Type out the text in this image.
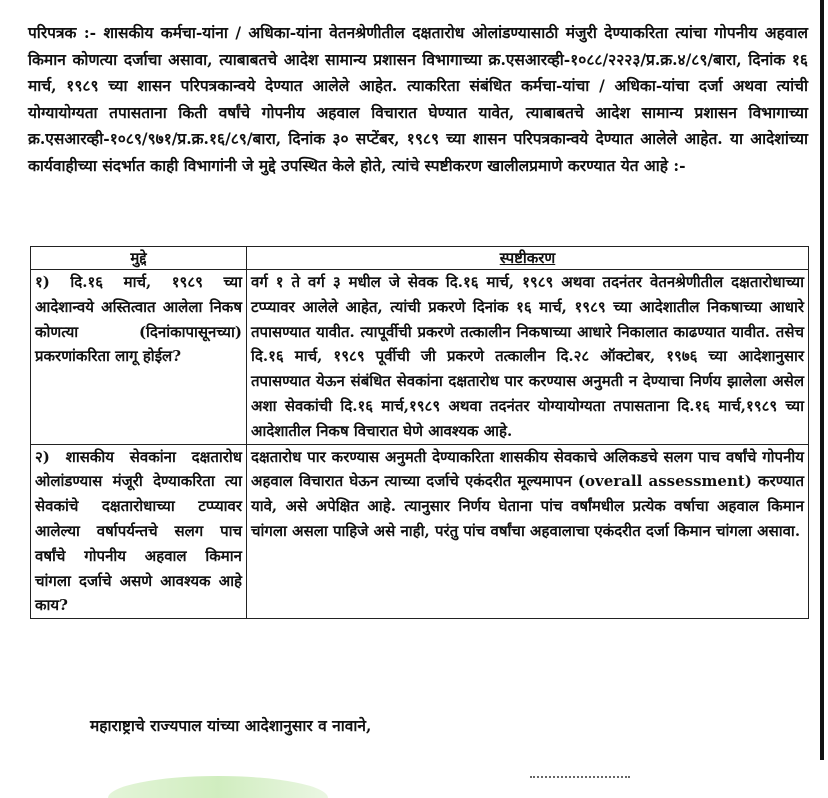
परिपत्रक :- शासकीय कर्मचा-यांना / अधिका-यांना वेतनश्रेणीतील दक्षतारोध ओलांडण्यासाठी मंजुरी देण्याकरिता त्यांचा गोपनीय अहवाल किमान कोणत्या दर्जाचा असावा, त्याबाबतचे आदेश सामान्य प्रशासन विभागाच्या क्र.एसआरव्ही-१०८८/२२२३/प्र.क्र.४/८९/बारा, दिनांक १६ मार्च, १९८९ च्या शासन परिपत्रकान्वये देण्यात आलेले आहेत. त्याकरिता संबंधित कर्मचा-यांचा / अधिका-यांचा दर्जा अथवा त्यांची योग्यायोग्यता तपासताना किती वर्षांचे गोपनीय अहवाल विचारात घेण्यात यावेत, त्याबाबतचे आदेश सामान्य प्रशासन विभागाच्या क्र.एसआरव्ही-१०८९/९७१/प्र.क्र.१६/८९/बारा, दिनांक ३० सप्टेंबर, १९८९ च्या शासन परिपत्रकान्वये देण्यात आलेले आहेत. या आदेशांच्या कार्यवाहीच्या संदर्भात काही विभागांनी जे मुद्दे उपस्थित केले होते, त्यांचे स्पष्टीकरण खालीलप्रमाणे करण्यात येत आहे :-
मुद्दे	स्पष्टीकरण
१) दि.१६ मार्च, १९८९ च्या आदेशान्वये अस्तित्वात आलेला निकष कोणत्या (दिनांकापासूनच्या) प्रकरणांकरिता लागू होईल?	वर्ग १ ते वर्ग ३ मधील जे सेवक दि.१६ मार्च, १९८९ अथवा तदनंतर वेतनश्रेणीतील दक्षतारोधाच्या टप्प्यावर आलेले आहेत, त्यांची प्रकरणे दिनांक १६ मार्च, १९८९ च्या आदेशातील निकषाच्या आधारे तपासण्यात यावीत. त्यापूर्वीची प्रकरणे तत्कालीन निकषाच्या आधारे निकालात काढण्यात यावीत. तसेच दि.१६ मार्च, १९८९ पूर्वीची जी प्रकरणे तत्कालीन दि.२८ ऑक्टोबर, १९७६ च्या आदेशानुसार तपासण्यात येऊन संबंधित सेवकांना दक्षतारोध पार करण्यास अनुमती न देण्याचा निर्णय झालेला असेल अशा सेवकांची दि.१६ मार्च,१९८९ अथवा तदनंतर योग्यायोग्यता तपासताना दि.१६ मार्च,१९८९ च्या आदेशातील निकष विचारात घेणे आवश्यक आहे.
२) शासकीय सेवकांना दक्षतारोध ओलांडण्यास मंजूरी देण्याकरिता त्या सेवकांचे दक्षतारोधाच्या टप्प्यावर आलेल्या वर्षापर्यन्तचे सलग पाच वर्षांचे गोपनीय अहवाल किमान चांगला दर्जाचे असणे आवश्यक आहे काय?	दक्षतारोध पार करण्यास अनुमती देण्याकरिता शासकीय सेवकाचे अलिकडचे सलग पाच वर्षांचे गोपनीय अहवाल विचारात घेऊन त्याच्या दर्जाचे एकंदरीत मूल्यमापन (overall assessment) करण्यात यावे, असे अपेक्षित आहे. त्यानुसार निर्णय घेताना पांच वर्षांमधील प्रत्येक वर्षाचा अहवाल किमान चांगला असला पाहिजे असे नाही, परंतु पांच वर्षांचा अहवालाचा एकंदरीत दर्जा किमान चांगला असावा.
महाराष्ट्राचे राज्यपाल यांच्या आदेशानुसार व नावाने,
